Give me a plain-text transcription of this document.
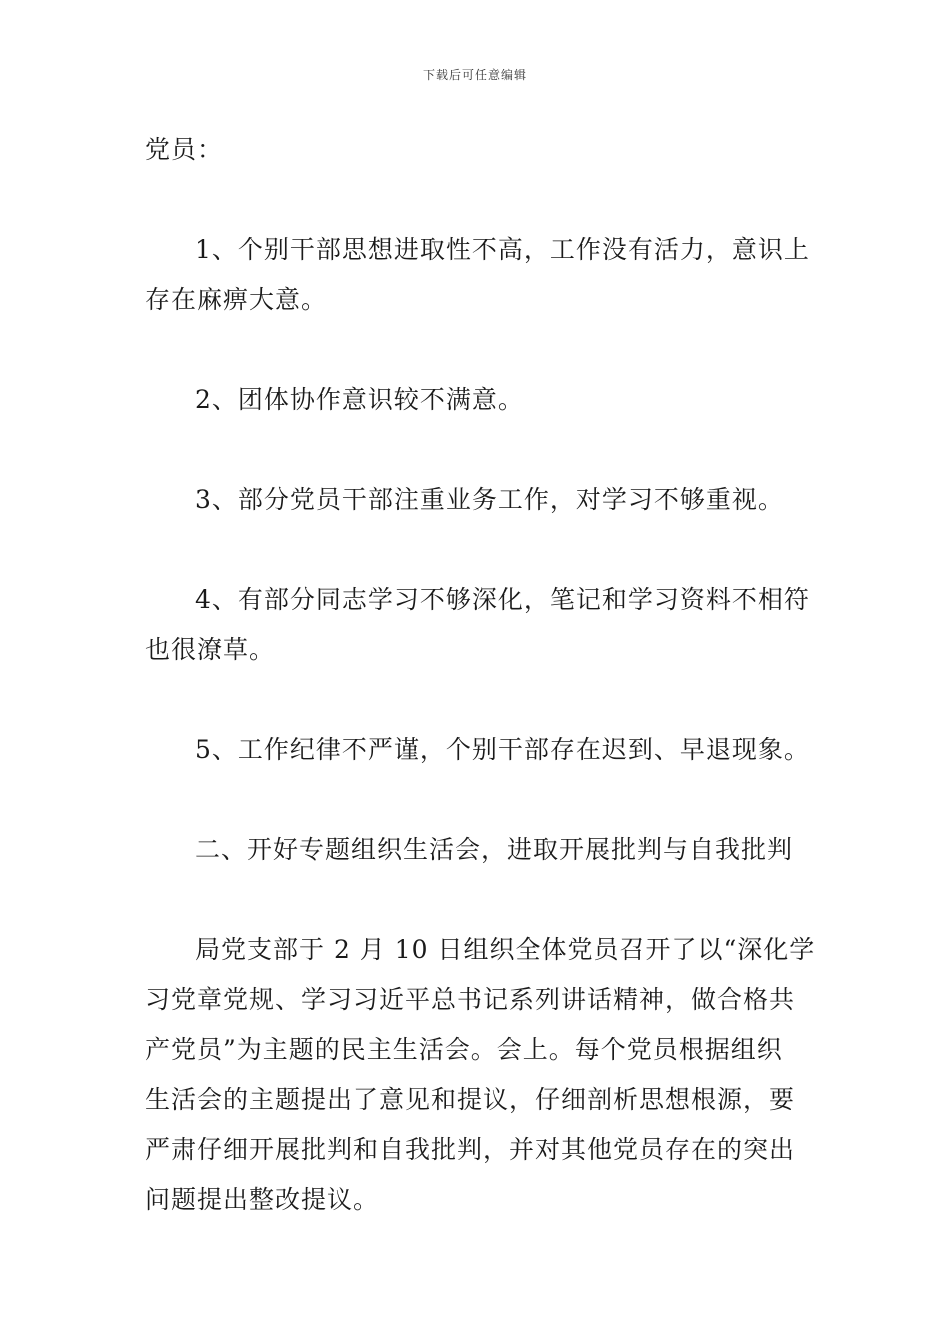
下载后可任意编辑
党员：
1、个别干部思想进取性不高，工作没有活力，意识上
存在麻痹大意。
2、团体协作意识较不满意。
3、部分党员干部注重业务工作，对学习不够重视。
4、有部分同志学习不够深化，笔记和学习资料不相符
也很潦草。
5、工作纪律不严谨，个别干部存在迟到、早退现象。
二、开好专题组织生活会，进取开展批判与自我批判
局党支部于 2 月 10 日组织全体党员召开了以“深化学
习党章党规、学习习近平总书记系列讲话精神，做合格共
产党员”为主题的民主生活会。会上。每个党员根据组织
生活会的主题提出了意见和提议，仔细剖析思想根源，要
严肃仔细开展批判和自我批判，并对其他党员存在的突出
问题提出整改提议。
